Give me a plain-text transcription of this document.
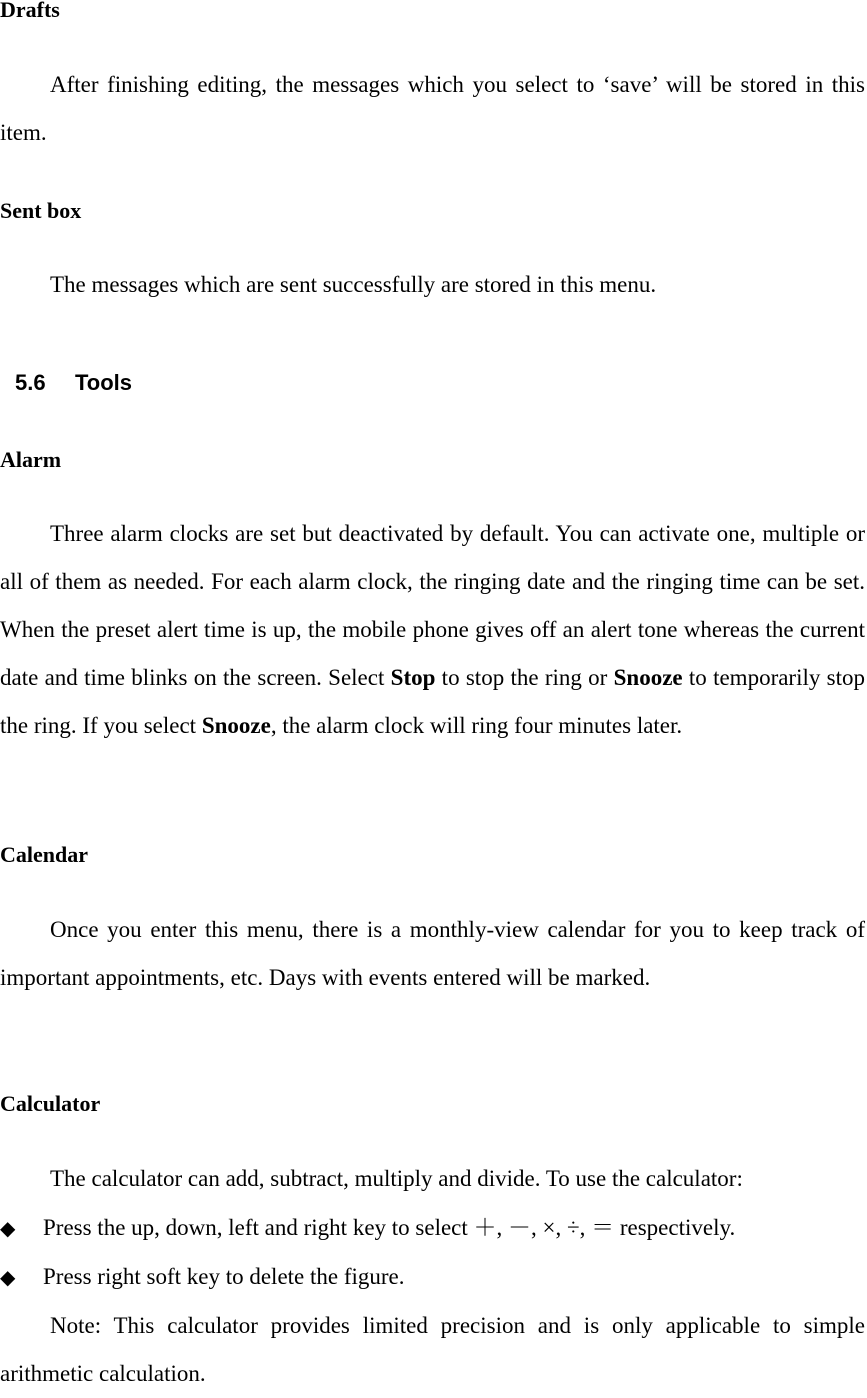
Drafts

After finishing editing, the messages which you select to ‘save’ will be stored in this item.

Sent box

The messages which are sent successfully are stored in this menu.

5.6 Tools
Alarm

Three alarm clocks are set but deactivated by default. You can activate one, multiple or all of them as needed. For each alarm clock, the ringing date and the ringing time can be set. When the preset alert time is up, the mobile phone gives off an alert tone whereas the current date and time blinks on the screen. Select Stop to stop the ring or Snooze to temporarily stop the ring. If you select Snooze, the alarm clock will ring four minutes later.

Calendar

Once you enter this menu, there is a monthly-view calendar for you to keep track of important appointments, etc. Days with events entered will be marked.

Calculator

The calculator can add, subtract, multiply and divide. To use the calculator:

◆ Press the up, down, left and right key to select ＋, －, ×, ÷, ＝ respectively.
◆ Press right soft key to delete the figure.

Note: This calculator provides limited precision and is only applicable to simple arithmetic calculation.
